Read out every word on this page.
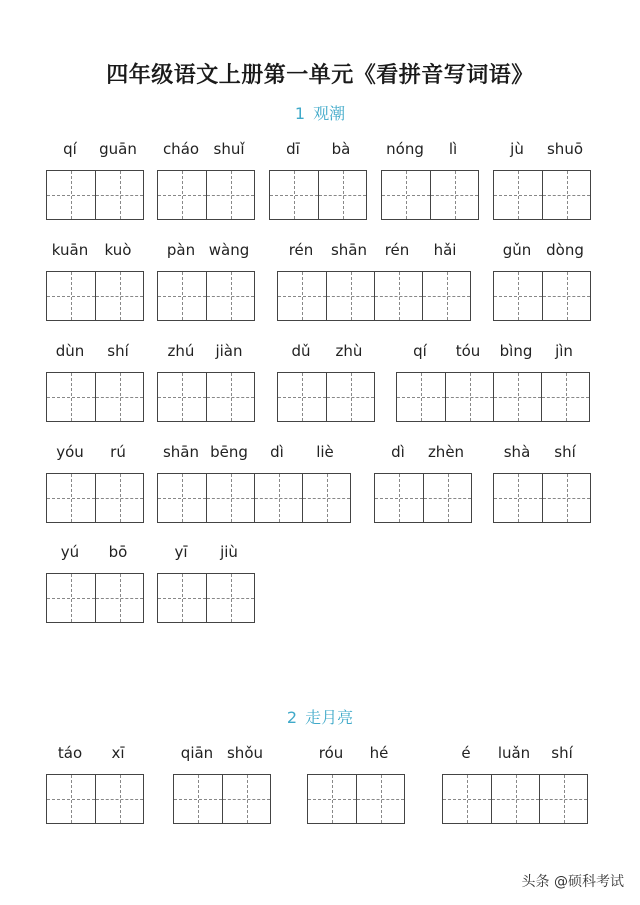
四年级语文上册第一单元《看拼音写词语》
1 观潮
qí guān cháo shuǐ	dī bà nóng lì	jù shuō
kuān kuò pàn wàng	rén shān rén hǎi	gǔn dòng
dùn shí	zhú jiàn	dǔ zhù	qí tóu bìng jìn
yóu rú shān bēng dì liè	dì zhèn	shà shí
yú bō	yī jiù
2 走月亮
táo xī	qiān shǒu	róu hé	é luǎn shí
头条 @硕科考试
